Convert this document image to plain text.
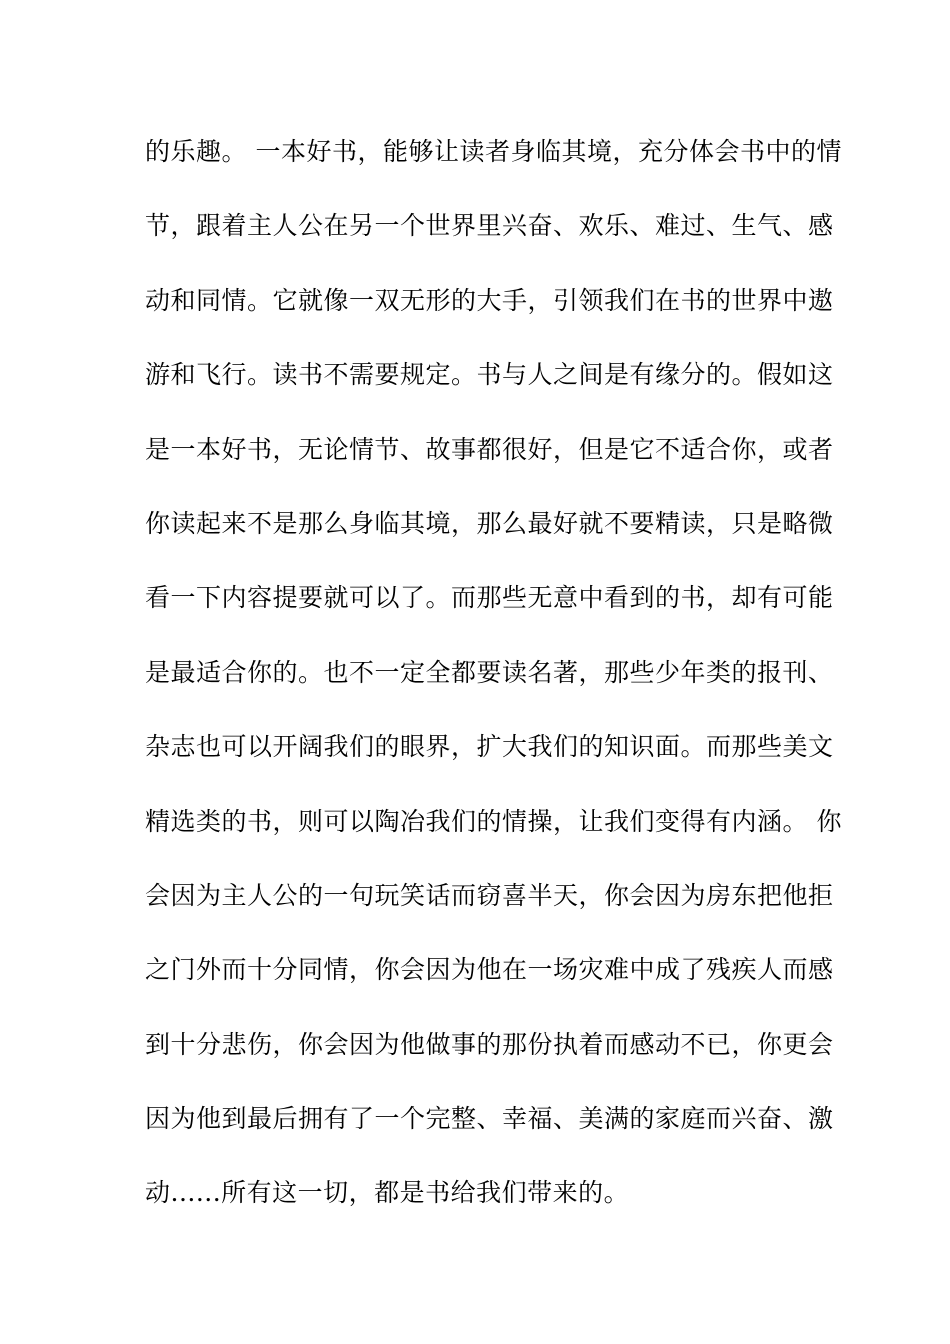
的乐趣。 一本好书，能够让读者身临其境，充分体会书中的情
节，跟着主人公在另一个世界里兴奋、欢乐、难过、生气、感
动和同情。它就像一双无形的大手，引领我们在书的世界中遨
游和飞行。读书不需要规定。书与人之间是有缘分的。假如这
是一本好书，无论情节、故事都很好，但是它不适合你，或者
你读起来不是那么身临其境，那么最好就不要精读，只是略微
看一下内容提要就可以了。而那些无意中看到的书，却有可能
是最适合你的。也不一定全都要读名著，那些少年类的报刊、
杂志也可以开阔我们的眼界，扩大我们的知识面。而那些美文
精选类的书，则可以陶冶我们的情操，让我们变得有内涵。 你
会因为主人公的一句玩笑话而窃喜半天，你会因为房东把他拒
之门外而十分同情，你会因为他在一场灾难中成了残疾人而感
到十分悲伤，你会因为他做事的那份执着而感动不已，你更会
因为他到最后拥有了一个完整、幸福、美满的家庭而兴奋、激
动......所有这一切，都是书给我们带来的。
